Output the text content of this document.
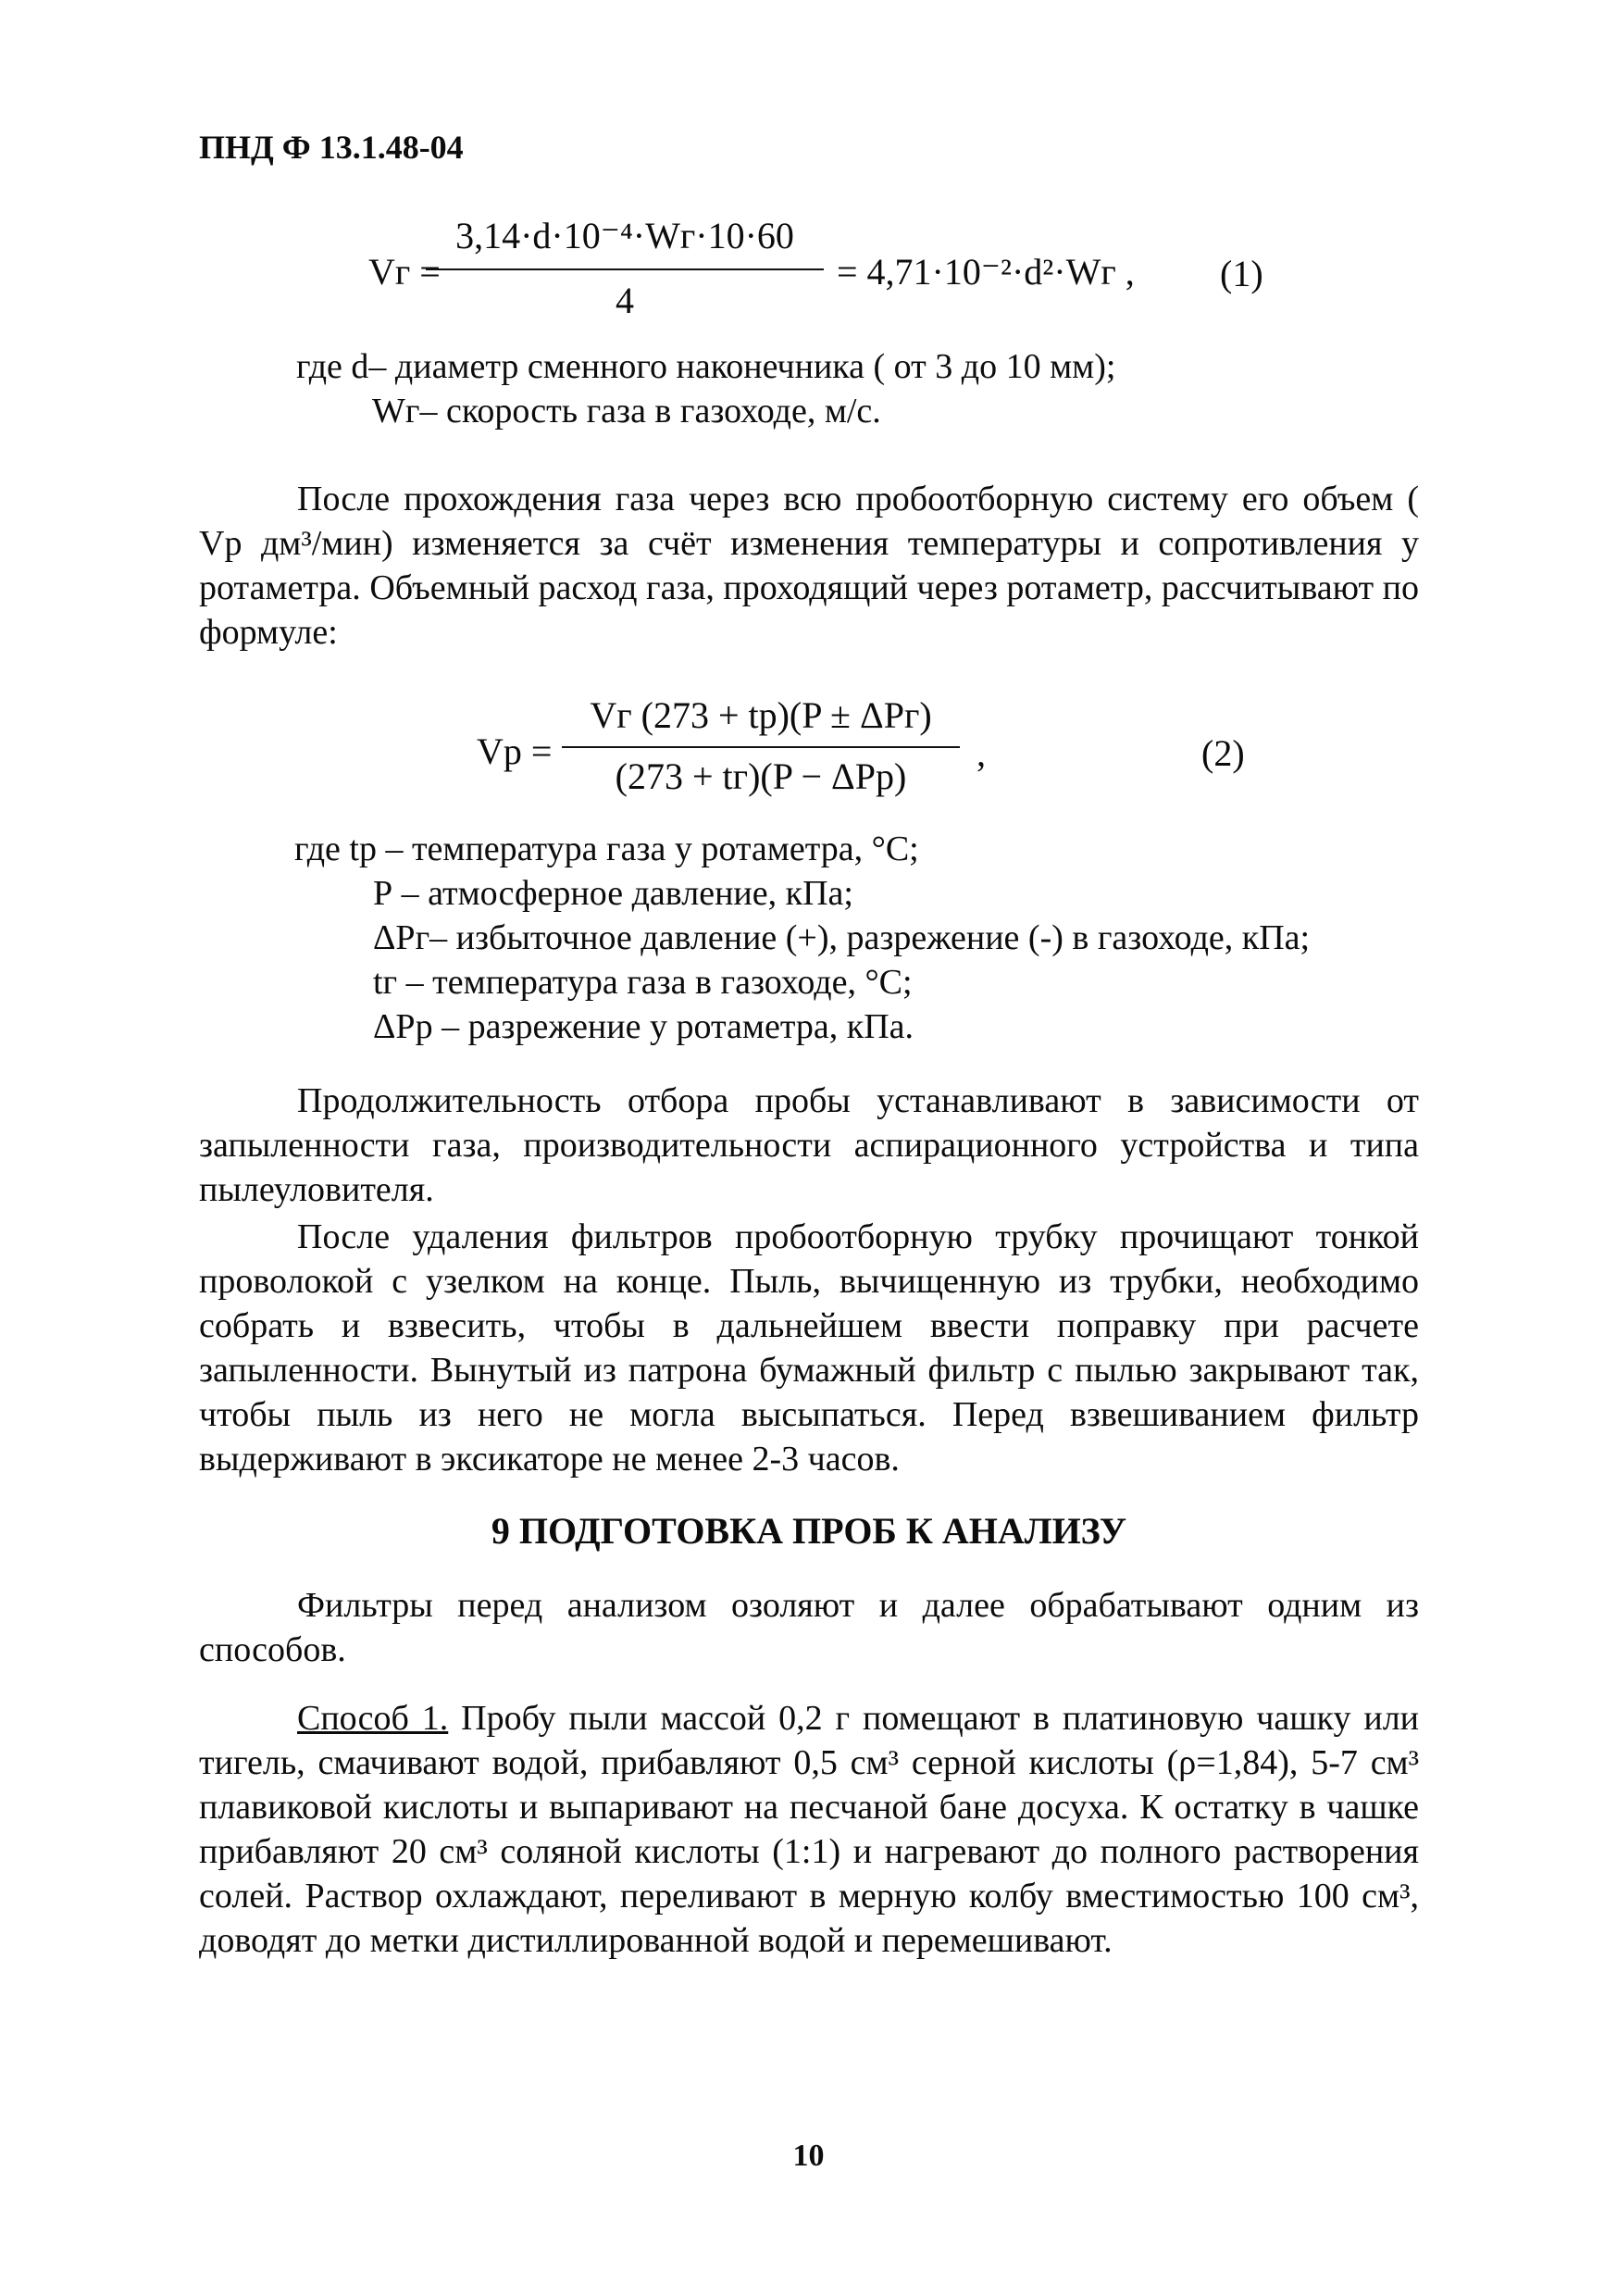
ПНД Ф 13.1.48-04
Vг =
3,14·d·10⁻⁴·Wг·10·60
4
= 4,71·10⁻²·d²·Wг , (1)
где d– диаметр сменного наконечника ( от 3 до 10 мм);
Wг– скорость газа в газоходе, м/с.

После прохождения газа через всю пробоотборную систему его объем ( Vр дм³/мин) изменяется за счёт изменения температуры и сопротивления у ротаметра. Объемный расход газа, проходящий через ротаметр, рассчитывают по формуле:

Vр =
Vг (273 + tр)(P ± ΔPг)
(273 + tг)(P − ΔPр)
,	(2)
где tр – температура газа у ротаметра, °С;
Р – атмосферное давление, кПа;
ΔРг– избыточное давление (+), разрежение (-) в газоходе, кПа;
tг – температура газа в газоходе, °С;
ΔРр – разрежение у ротаметра, кПа.

Продолжительность отбора пробы устанавливают в зависимости от запыленности газа, производительности аспирационного устройства и типа пылеуловителя.

После удаления фильтров пробоотборную трубку прочищают тонкой проволокой с узелком на конце. Пыль, вычищенную из трубки, необходимо собрать и взвесить, чтобы в дальнейшем ввести поправку при расчете запыленности. Вынутый из патрона бумажный фильтр с пылью закрывают так, чтобы пыль из него не могла высыпаться. Перед взвешиванием фильтр выдерживают в эксикаторе не менее 2-3 часов.

9 ПОДГОТОВКА ПРОБ К АНАЛИЗУ

Фильтры перед анализом озоляют и далее обрабатывают одним из способов.

Способ 1. Пробу пыли массой 0,2 г помещают в платиновую чашку или тигель, смачивают водой, прибавляют 0,5 см³ серной кислоты (ρ=1,84), 5-7 см³ плавиковой кислоты и выпаривают на песчаной бане досуха. К остатку в чашке прибавляют 20 см³ соляной кислоты (1:1) и нагревают до полного растворения солей. Раствор охлаждают, переливают в мерную колбу вместимостью 100 см³, доводят до метки дистиллированной водой и перемешивают.

10
